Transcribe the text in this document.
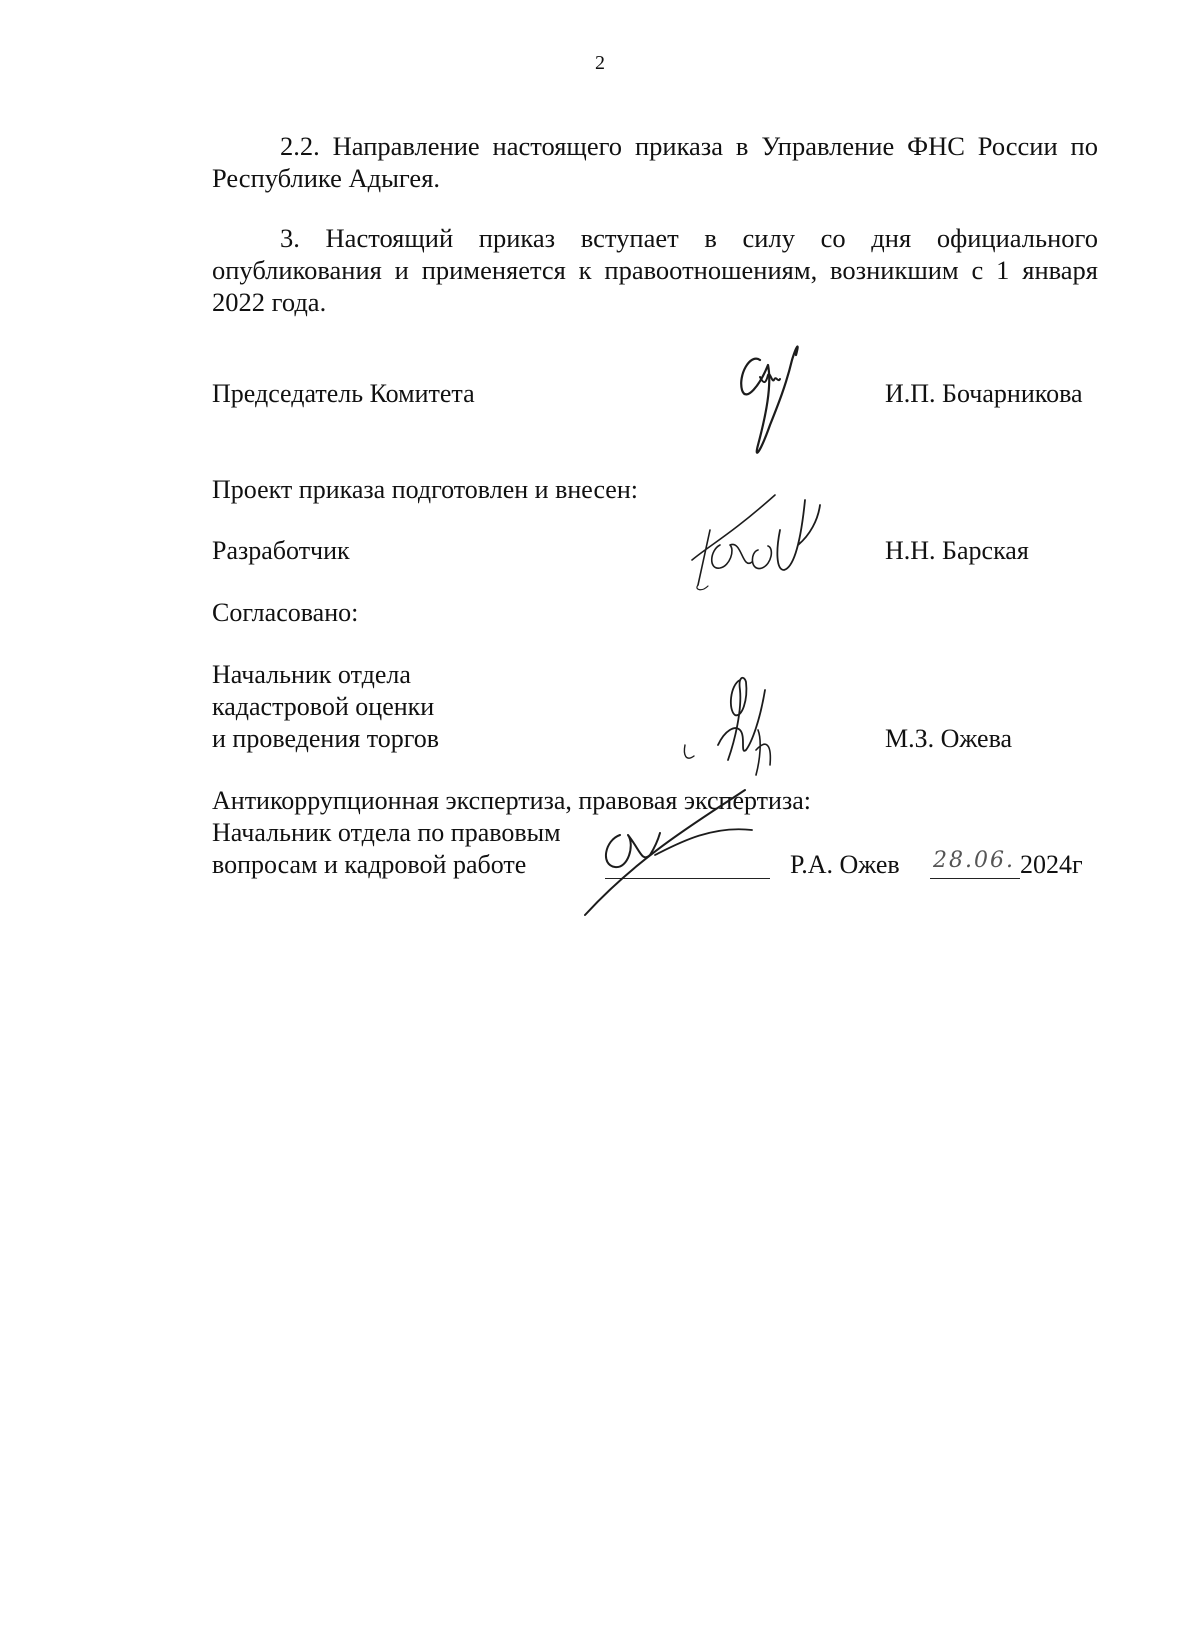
2
2.2. Направление настоящего приказа в Управление ФНС России по Республике Адыгея.
3. Настоящий приказ вступает в силу со дня официального опубликования и применяется к правоотношениям, возникшим с 1 января 2022 года.
Председатель Комитета	И.П. Бочарникова
Проект приказа подготовлен и внесен:
Разработчик	Н.Н. Барская
Согласовано:
Начальник отдела
кадастровой оценки
и проведения торгов	М.З. Ожева
Антикоррупционная экспертиза, правовая экспертиза:
Начальник отдела по правовым
вопросам и кадровой работе	Р.А. Ожев 28.06. 2024г
